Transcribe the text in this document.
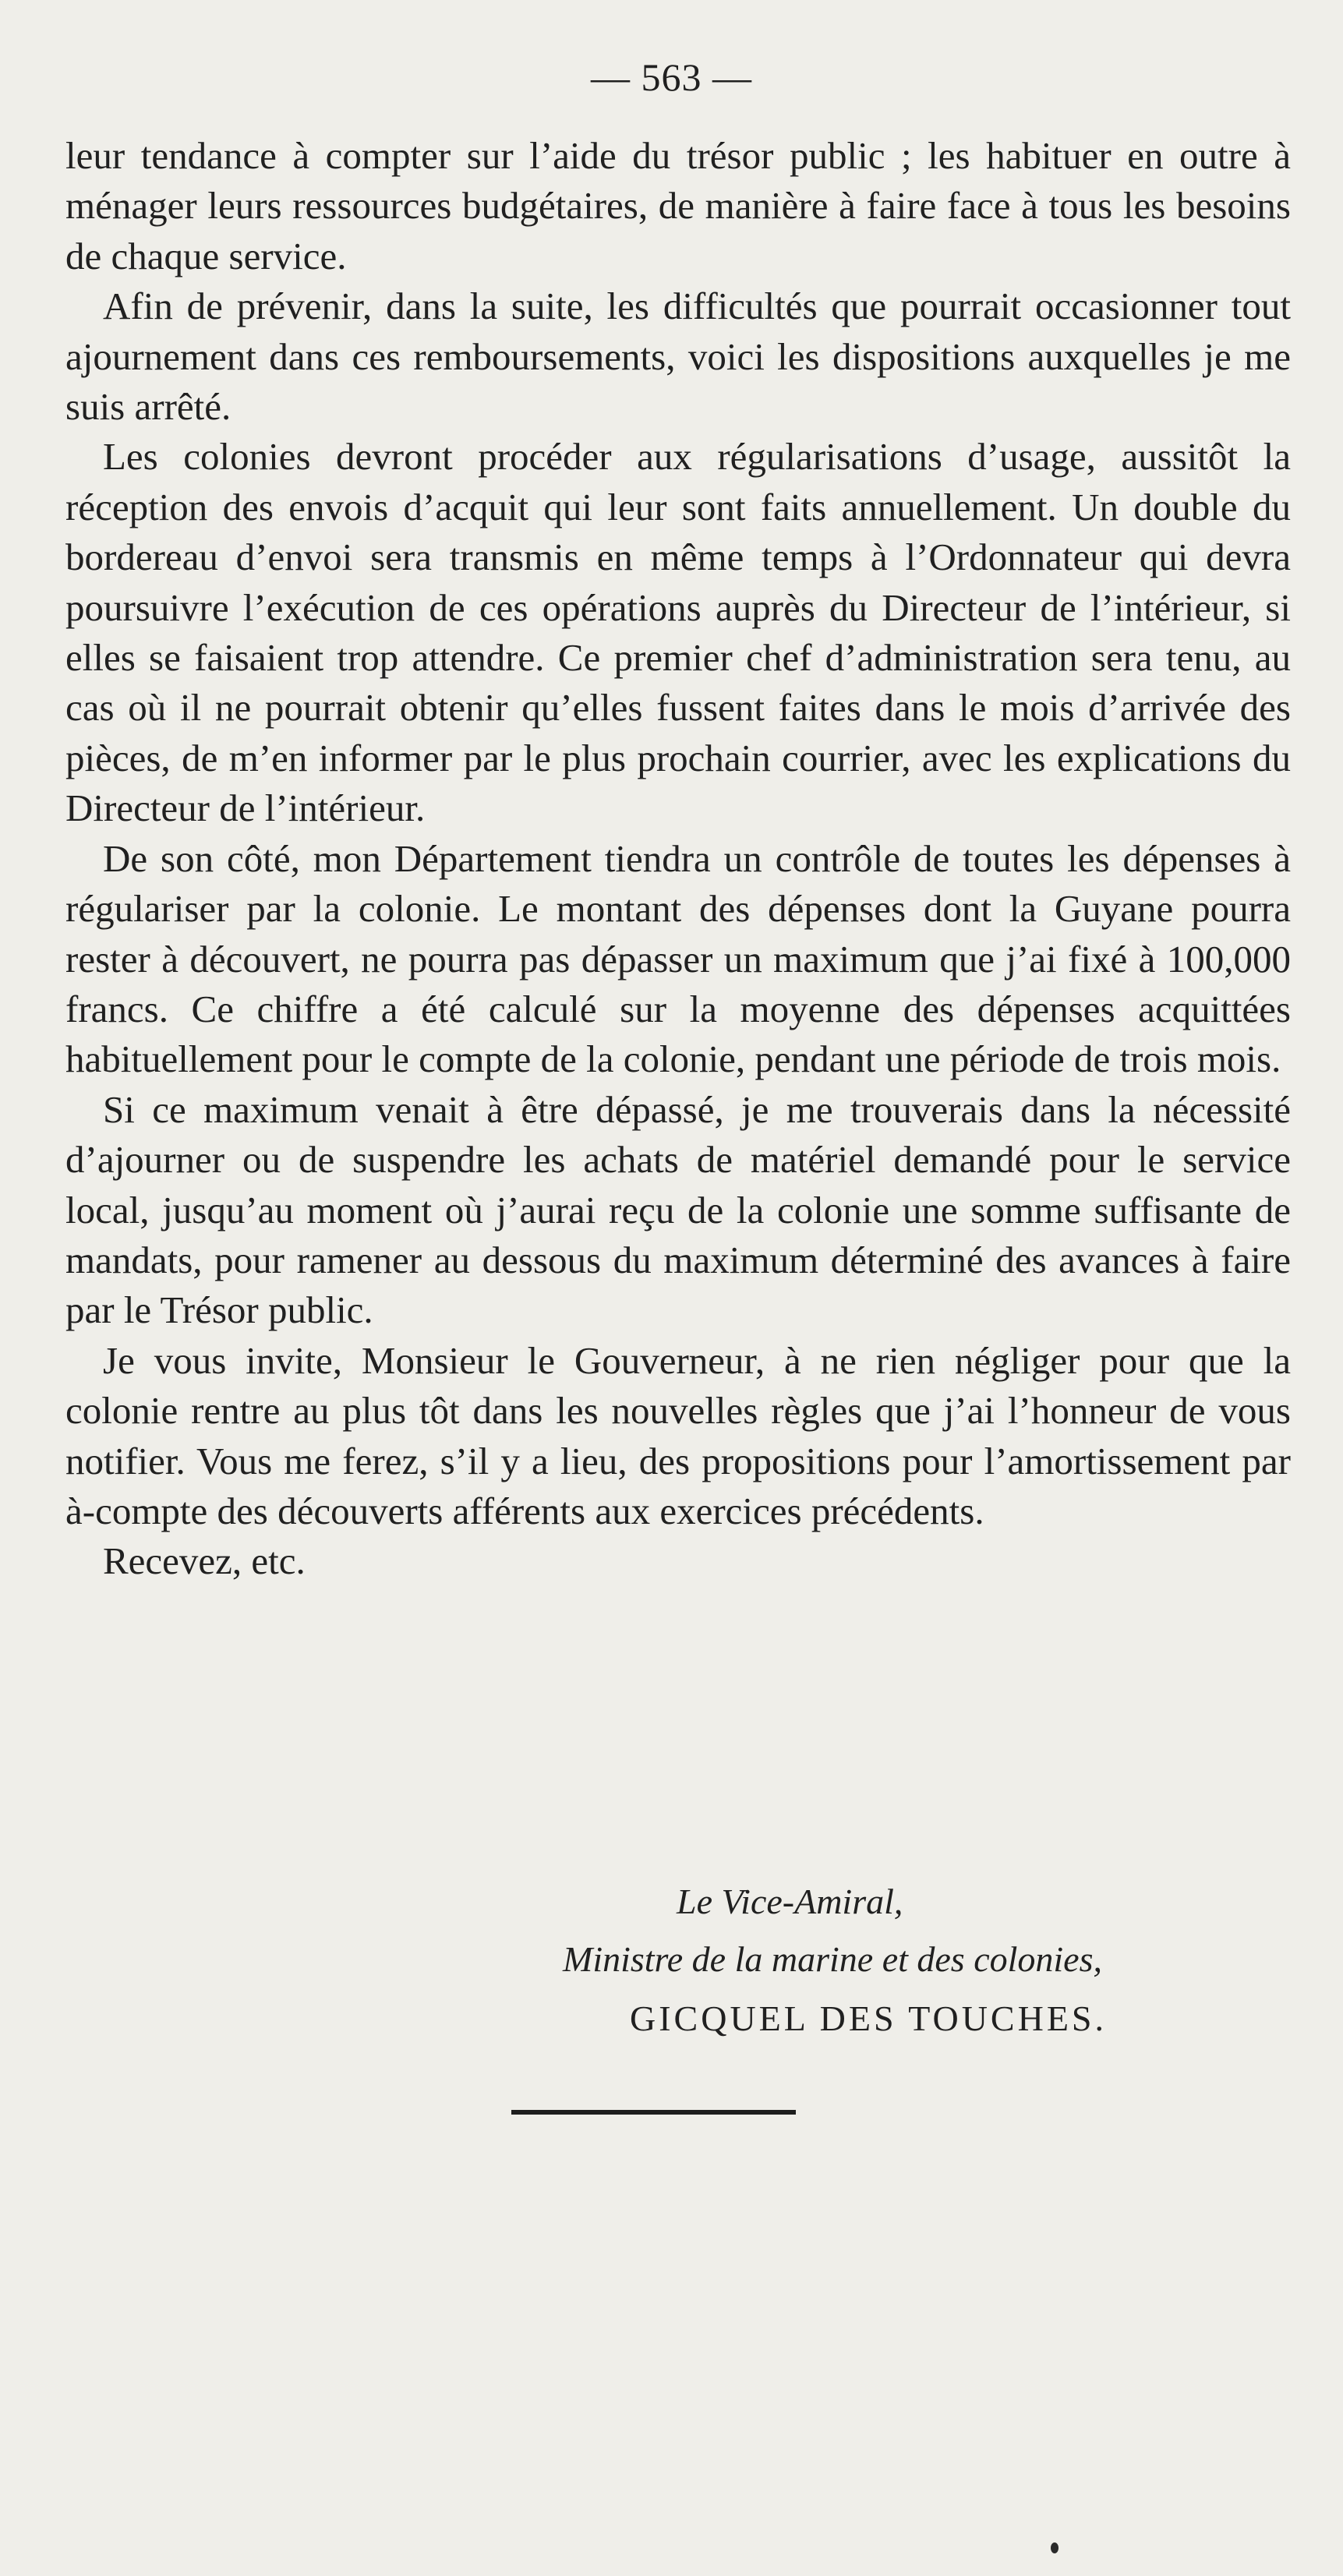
— 563 —

leur tendance à compter sur l’aide du trésor public ; les habituer en outre à ménager leurs ressources budgétaires, de manière à faire face à tous les besoins de chaque service.

Afin de prévenir, dans la suite, les difficultés que pourrait occasionner tout ajournement dans ces remboursements, voici les dispositions auxquelles je me suis arrêté.

Les colonies devront procéder aux régularisations d’usage, aussitôt la réception des envois d’acquit qui leur sont faits annuellement. Un double du bordereau d’envoi sera transmis en même temps à l’Ordonnateur qui devra poursuivre l’exécution de ces opérations auprès du Directeur de l’intérieur, si elles se faisaient trop attendre. Ce premier chef d’administration sera tenu, au cas où il ne pourrait obtenir qu’elles fussent faites dans le mois d’arrivée des pièces, de m’en informer par le plus prochain courrier, avec les explications du Directeur de l’intérieur.

De son côté, mon Département tiendra un contrôle de toutes les dépenses à régulariser par la colonie. Le montant des dépenses dont la Guyane pourra rester à découvert, ne pourra pas dépasser un maximum que j’ai fixé à 100,000 francs. Ce chiffre a été calculé sur la moyenne des dépenses acquittées habituellement pour le compte de la colonie, pendant une période de trois mois.

Si ce maximum venait à être dépassé, je me trouverais dans la nécessité d’ajourner ou de suspendre les achats de matériel demandé pour le service local, jusqu’au moment où j’aurai reçu de la colonie une somme suffisante de mandats, pour ramener au dessous du maximum déterminé des avances à faire par le Trésor public.

Je vous invite, Monsieur le Gouverneur, à ne rien négliger pour que la colonie rentre au plus tôt dans les nouvelles règles que j’ai l’honneur de vous notifier. Vous me ferez, s’il y a lieu, des propositions pour l’amortissement par à-compte des découverts afférents aux exercices précédents.

Recevez, etc.

Le Vice-Amiral,
Ministre de la marine et des colonies,
GICQUEL DES TOUCHES.
